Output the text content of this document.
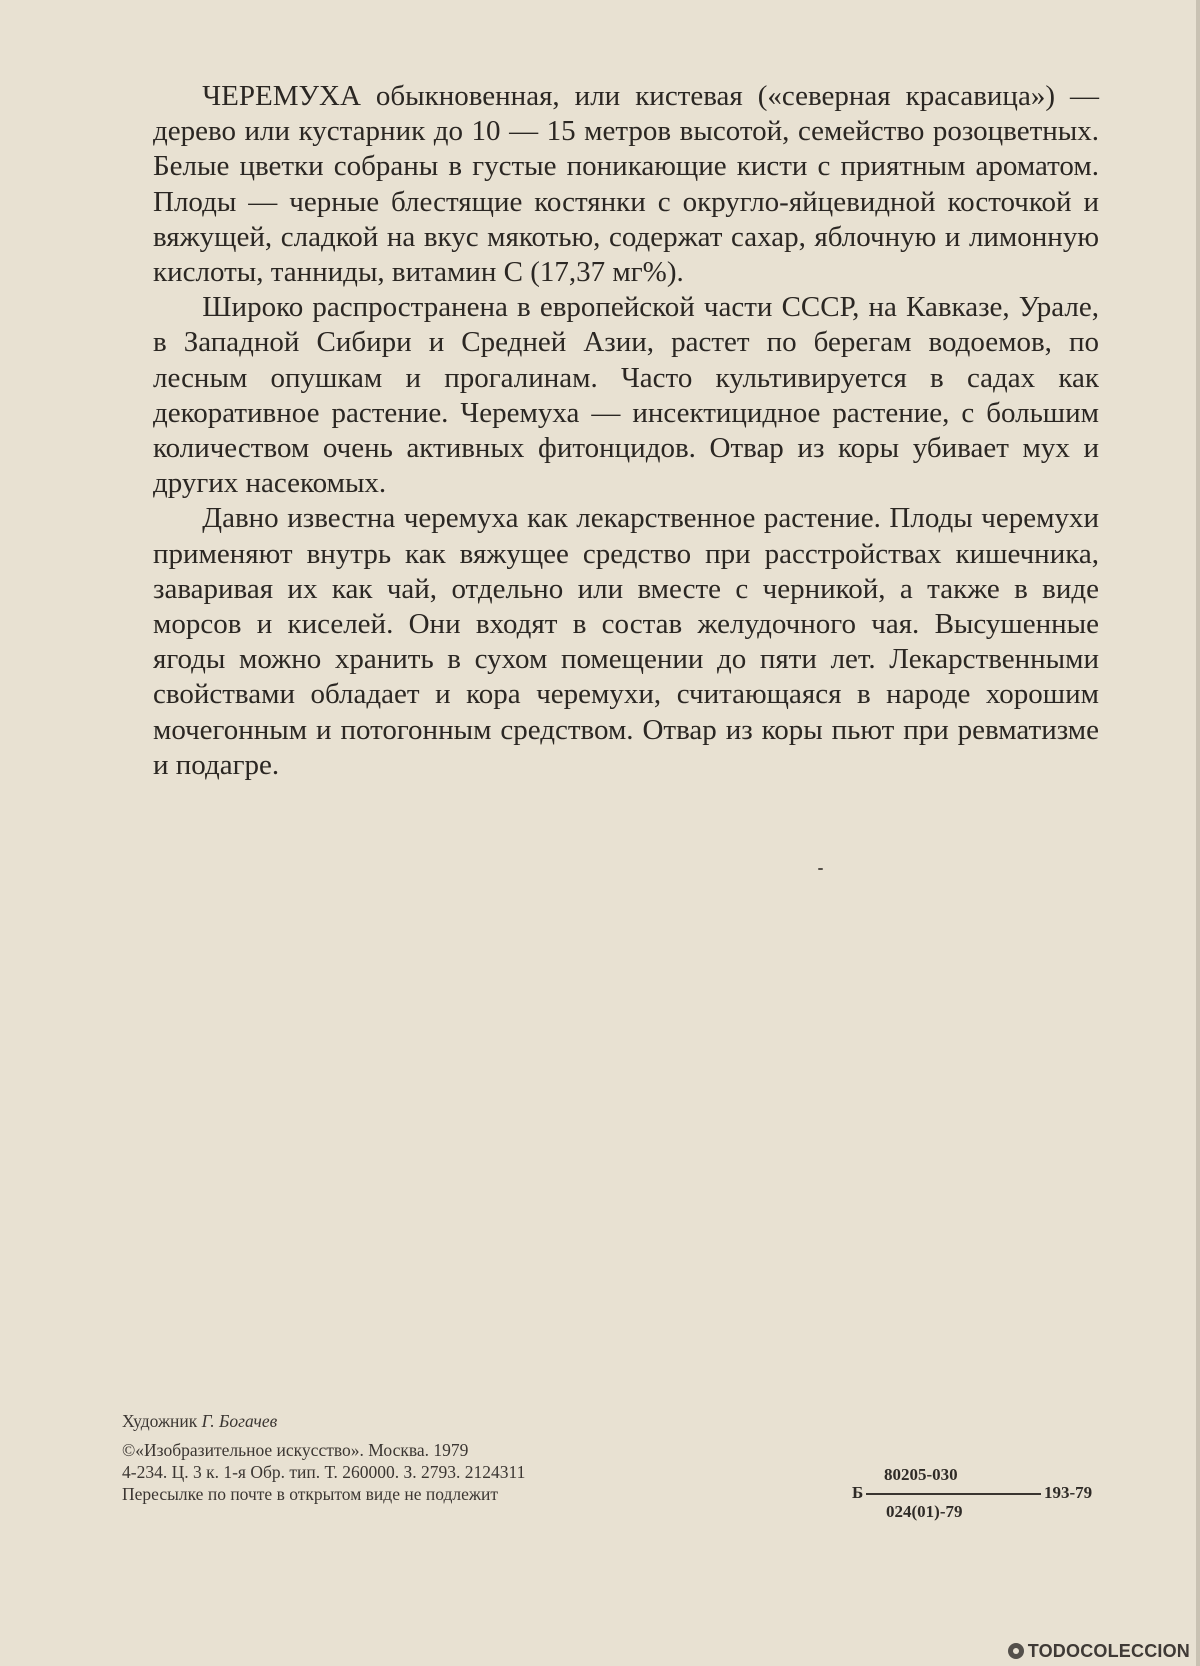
ЧЕРЕМУХА обыкновенная, или кистевая («северная красавица») — дерево или кустарник до 10 — 15 метров высотой, семейство розоцветных. Белые цветки собраны в густые поникающие кисти с приятным ароматом. Плоды — черные блестящие костянки с округло-яйцевидной косточкой и вяжущей, сладкой на вкус мякотью, содержат сахар, яблочную и лимонную кислоты, танниды, витамин С (17,37 мг%).

Широко распространена в европейской части СССР, на Кавказе, Урале, в Западной Сибири и Средней Азии, растет по берегам водоемов, по лесным опушкам и прогалинам. Часто культивируется в садах как декоративное растение. Черемуха — инсектицидное растение, с большим количеством очень активных фитонцидов. Отвар из коры убивает мух и других насекомых.

Давно известна черемуха как лекарственное растение. Плоды черемухи применяют внутрь как вяжущее средство при расстройствах кишечника, заваривая их как чай, отдельно или вместе с черникой, а также в виде морсов и киселей. Они входят в состав желудочного чая. Высушенные ягоды можно хранить в сухом помещении до пяти лет. Лекарственными свойствами обладает и кора черемухи, считающаяся в народе хорошим мочегонным и потогонным средством. Отвар из коры пьют при ревматизме и подагре.

Художник Г. Богачев
©«Изобразительное искусство». Москва. 1979
4-234. Ц. 3 к. 1-я Обр. тип. Т. 260000. З. 2793. 2124311
Пересылке по почте в открытом виде не подлежит	Б
80205-030
193-79
024(01)-79
TODOCOLECCION
